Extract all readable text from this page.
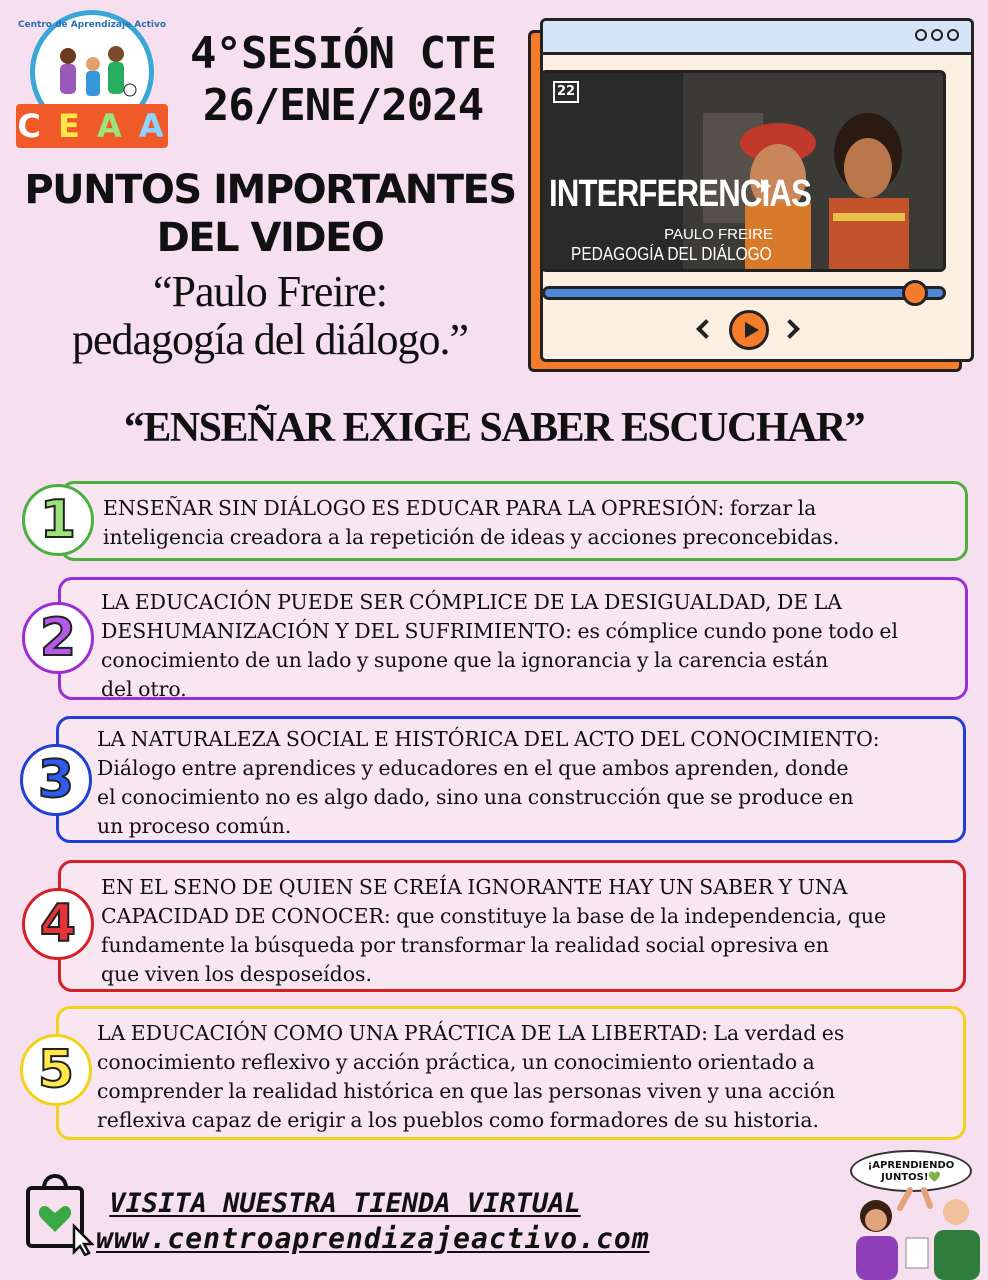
Centro de Aprendizaje Activo
C E A A
4°SESIÓN CTE
26/ENE/2024
PUNTOS IMPORTANTES
DEL VIDEO
“Paulo Freire:
pedagogía del diálogo.”
22
INTERFERENCIAS
PAULO FREIRE
PEDAGOGÍA DEL DIÁLOGO
“ENSEÑAR EXIGE SABER ESCUCHAR”
ENSEÑAR SIN DIÁLOGO ES EDUCAR PARA LA OPRESIÓN: forzar la
inteligencia creadora a la repetición de ideas y acciones preconcebidas.
1
LA EDUCACIÓN PUEDE SER CÓMPLICE DE LA DESIGUALDAD, DE LA
DESHUMANIZACIÓN Y DEL SUFRIMIENTO: es cómplice cundo pone todo el
conocimiento de un lado y supone que la ignorancia y la carencia están
del otro.
2
LA NATURALEZA SOCIAL E HISTÓRICA DEL ACTO DEL CONOCIMIENTO:
Diálogo entre aprendices y educadores en el que ambos aprenden, donde
el conocimiento no es algo dado, sino una construcción que se produce en
un proceso común.
3
EN EL SENO DE QUIEN SE CREÍA IGNORANTE HAY UN SABER Y UNA
CAPACIDAD DE CONOCER: que constituye la base de la independencia, que
fundamente la búsqueda por transformar la realidad social opresiva en
que viven los desposeídos.
4
LA EDUCACIÓN COMO UNA PRÁCTICA DE LA LIBERTAD: La verdad es
conocimiento reflexivo y acción práctica, un conocimiento orientado a
comprender la realidad histórica en que las personas viven y una acción
reflexiva capaz de erigir a los pueblos como formadores de su historia.
5
VISITA NUESTRA TIENDA VIRTUAL
www.centroaprendizajeactivo.com
¡APRENDIENDO
JUNTOS!💚
